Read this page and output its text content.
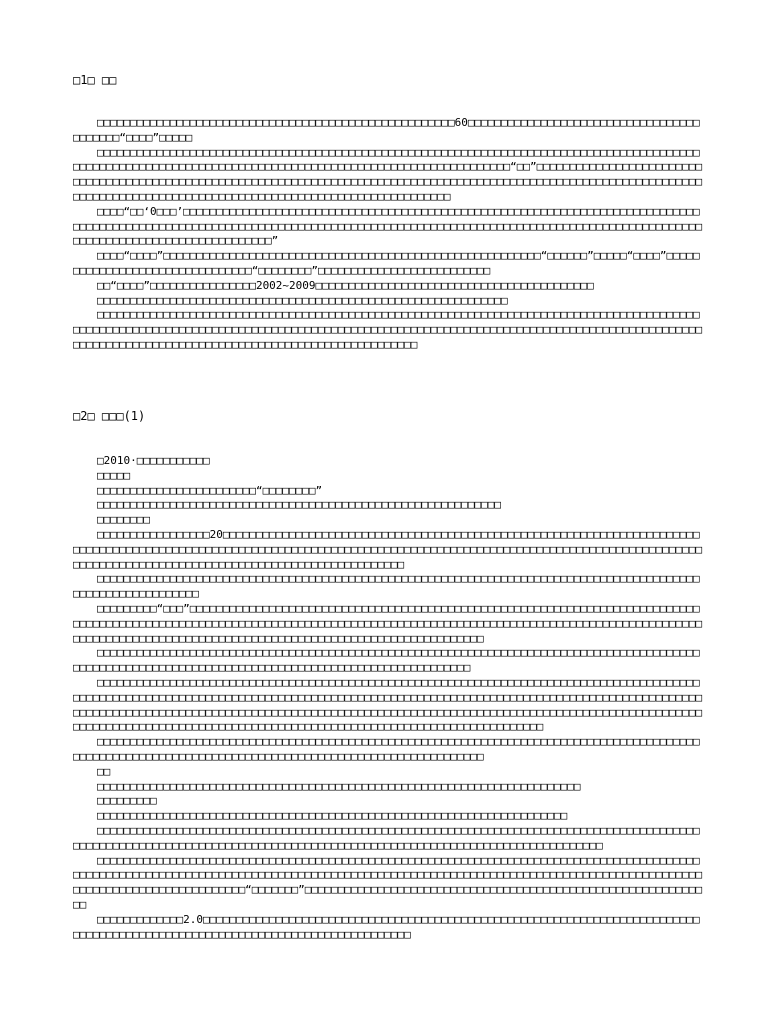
□1□ □□

□□□□□□□□□□□□□□□□□□□□□□□□□□□□□□□□□□□□□□□□□□□□□□□□□□□□□□60□□□□□□□□□□□□□□□□□□□□□□□□□□□□□□□□□□□□□□□□□□“□□□□”□□□□□

□□□□□□□□□□□□□□□□□□□□□□□□□□□□□□□□□□□□□□□□□□□□□□□□□□□□□□□□□□□□□□□□□□□□□□□□□□□□□□□□□□□□□□□□□□□□□□□□□□□□□□□□□□□□□□□□□□□□□□□□□□□□□□□□□□□□□□□□□□□□□□□□□□□□□□□□□□□□□“□□”□□□□□□□□□□□□□□□□□□□□□□□□□□□□□□□□□□□□□□□□□□□□□□□□□□□□□□□□□□□□□□□□□□□□□□□□□□□□□□□□□□□□□□□□□□□□□□□□□□□□□□□□□□□□□□□□□□□□□□□□□□□□□□□□□□□□□□□□□□□□□□□□□□□□□□□□□□□□□□□□□□□□□□□□□□□□□□□□□

□□□□“□□‘0□□□’□□□□□□□□□□□□□□□□□□□□□□□□□□□□□□□□□□□□□□□□□□□□□□□□□□□□□□□□□□□□□□□□□□□□□□□□□□□□□□□□□□□□□□□□□□□□□□□□□□□□□□□□□□□□□□□□□□□□□□□□□□□□□□□□□□□□□□□□□□□□□□□□□□□□□□□□□□□□□□□□□□□□□□□□□□□□□□□□□□□□□□□□□□□□□□□□□□□□□□□□□□□”

□□□□“□□□□”□□□□□□□□□□□□□□□□□□□□□□□□□□□□□□□□□□□□□□□□□□□□□□□□□□□□□□□□□“□□□□□□”□□□□□“□□□□”□□□□□□□□□□□□□□□□□□□□□□□□□□□□□□□□“□□□□□□□□”□□□□□□□□□□□□□□□□□□□□□□□□□□

□□“□□□□”□□□□□□□□□□□□□□□□2002~2009□□□□□□□□□□□□□□□□□□□□□□□□□□□□□□□□□□□□□□□□□□

□□□□□□□□□□□□□□□□□□□□□□□□□□□□□□□□□□□□□□□□□□□□□□□□□□□□□□□□□□□□□□

□□□□□□□□□□□□□□□□□□□□□□□□□□□□□□□□□□□□□□□□□□□□□□□□□□□□□□□□□□□□□□□□□□□□□□□□□□□□□□□□□□□□□□□□□□□□□□□□□□□□□□□□□□□□□□□□□□□□□□□□□□□□□□□□□□□□□□□□□□□□□□□□□□□□□□□□□□□□□□□□□□□□□□□□□□□□□□□□□□□□□□□□□□□□□□□□□□□□□□□□□□□□□□□□□□□□□□□□□□□□□□□□□□□□□□□□□□□□□□

□2□ □□□(1)

□2010·□□□□□□□□□□□

□□□□□

□□□□□□□□□□□□□□□□□□□□□□□□“□□□□□□□□”

□□□□□□□□□□□□□□□□□□□□□□□□□□□□□□□□□□□□□□□□□□□□□□□□□□□□□□□□□□□□□

□□□□□□□□

□□□□□□□□□□□□□□□□□20□□□□□□□□□□□□□□□□□□□□□□□□□□□□□□□□□□□□□□□□□□□□□□□□□□□□□□□□□□□□□□□□□□□□□□□□□□□□□□□□□□□□□□□□□□□□□□□□□□□□□□□□□□□□□□□□□□□□□□□□□□□□□□□□□□□□□□□□□□□□□□□□□□□□□□□□□□□□□□□□□□□□□□□□□□□□□□□□□□□□□□□□□□□□□□□□□□□□□□□□□□□□□□□□□□□□□□□□□

□□□□□□□□□□□□□□□□□□□□□□□□□□□□□□□□□□□□□□□□□□□□□□□□□□□□□□□□□□□□□□□□□□□□□□□□□□□□□□□□□□□□□□□□□□□□□□□□□□□□□□□□□□□□□□

□□□□□□□□□“□□□”□□□□□□□□□□□□□□□□□□□□□□□□□□□□□□□□□□□□□□□□□□□□□□□□□□□□□□□□□□□□□□□□□□□□□□□□□□□□□□□□□□□□□□□□□□□□□□□□□□□□□□□□□□□□□□□□□□□□□□□□□□□□□□□□□□□□□□□□□□□□□□□□□□□□□□□□□□□□□□□□□□□□□□□□□□□□□□□□□□□□□□□□□□□□□□□□□□□□□□□□□□□□□□□□□□□□□□□□□□□□□□□□□□□□□□□□□□

□□□□□□□□□□□□□□□□□□□□□□□□□□□□□□□□□□□□□□□□□□□□□□□□□□□□□□□□□□□□□□□□□□□□□□□□□□□□□□□□□□□□□□□□□□□□□□□□□□□□□□□□□□□□□□□□□□□□□□□□□□□□□□□□□□□□□□□□□□□□□□□□□□□□□□□

□□□□□□□□□□□□□□□□□□□□□□□□□□□□□□□□□□□□□□□□□□□□□□□□□□□□□□□□□□□□□□□□□□□□□□□□□□□□□□□□□□□□□□□□□□□□□□□□□□□□□□□□□□□□□□□□□□□□□□□□□□□□□□□□□□□□□□□□□□□□□□□□□□□□□□□□□□□□□□□□□□□□□□□□□□□□□□□□□□□□□□□□□□□□□□□□□□□□□□□□□□□□□□□□□□□□□□□□□□□□□□□□□□□□□□□□□□□□□□□□□□□□□□□□□□□□□□□□□□□□□□□□□□□□□□□□□□□□□□□□□□□□□□□□□□□□□□□□□□□□□□□□□□□□□□□□□□□□□□□□□□□□□□□□□□□□□□□□□□□□□□□□□□□□□□□□

□□□□□□□□□□□□□□□□□□□□□□□□□□□□□□□□□□□□□□□□□□□□□□□□□□□□□□□□□□□□□□□□□□□□□□□□□□□□□□□□□□□□□□□□□□□□□□□□□□□□□□□□□□□□□□□□□□□□□□□□□□□□□□□□□□□□□□□□□□□□□□□□□□□□□□□□□

□□

□□□□□□□□□□□□□□□□□□□□□□□□□□□□□□□□□□□□□□□□□□□□□□□□□□□□□□□□□□□□□□□□□□□□□□□□□

□□□□□□□□□

□□□□□□□□□□□□□□□□□□□□□□□□□□□□□□□□□□□□□□□□□□□□□□□□□□□□□□□□□□□□□□□□□□□□□□□

□□□□□□□□□□□□□□□□□□□□□□□□□□□□□□□□□□□□□□□□□□□□□□□□□□□□□□□□□□□□□□□□□□□□□□□□□□□□□□□□□□□□□□□□□□□□□□□□□□□□□□□□□□□□□□□□□□□□□□□□□□□□□□□□□□□□□□□□□□□□□□□□□□□□□□□□□□□□□□□□□□□□□□□□□□□

□□□□□□□□□□□□□□□□□□□□□□□□□□□□□□□□□□□□□□□□□□□□□□□□□□□□□□□□□□□□□□□□□□□□□□□□□□□□□□□□□□□□□□□□□□□□□□□□□□□□□□□□□□□□□□□□□□□□□□□□□□□□□□□□□□□□□□□□□□□□□□□□□□□□□□□□□□□□□□□□□□□□□□□□□□□□□□□□□□□□□□□□□□□□□□□□□□□□□□□□□□□□□□□□□□□□“□□□□□□□”□□□□□□□□□□□□□□□□□□□□□□□□□□□□□□□□□□□□□□□□□□□□□□□□□□□□□□□□□□□□□□

□□□□□□□□□□□□□2.0□□□□□□□□□□□□□□□□□□□□□□□□□□□□□□□□□□□□□□□□□□□□□□□□□□□□□□□□□□□□□□□□□□□□□□□□□□□□□□□□□□□□□□□□□□□□□□□□□□□□□□□□□□□□□□□□□□□□□□□□□□□□□□
